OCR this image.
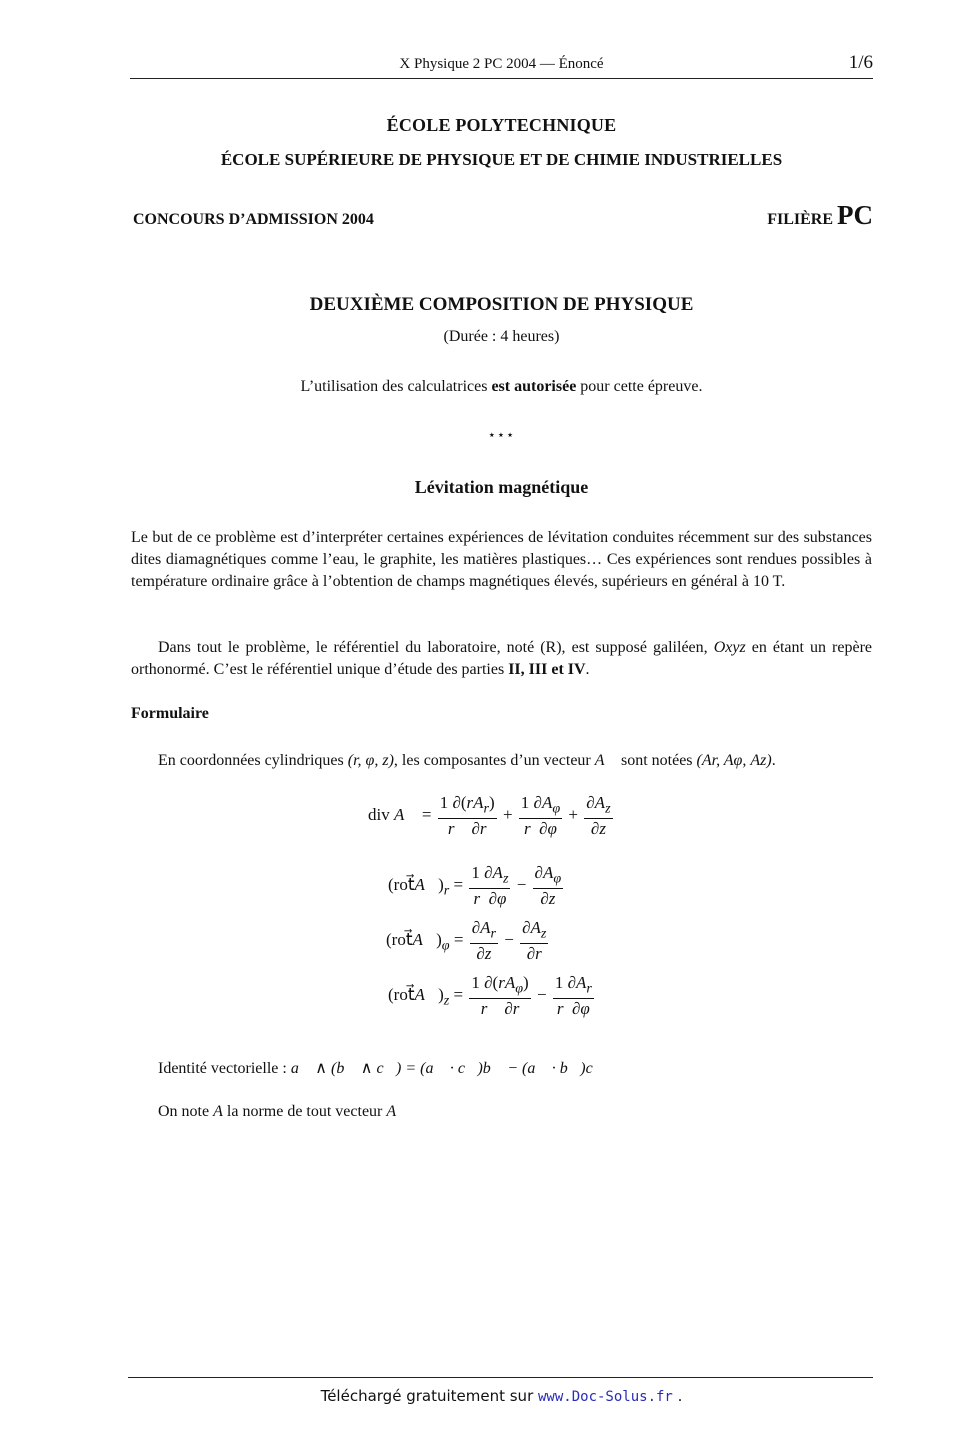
X Physique 2 PC 2004 — Énoncé	1/6
ÉCOLE POLYTECHNIQUE
ÉCOLE SUPÉRIEURE DE PHYSIQUE ET DE CHIMIE INDUSTRIELLES
CONCOURS D’ADMISSION 2004	FILIÈRE PC
DEUXIÈME COMPOSITION DE PHYSIQUE
(Durée : 4 heures)
L’utilisation des calculatrices est autorisée pour cette épreuve.
⋆⋆⋆
Lévitation magnétique
Le but de ce problème est d’interpréter certaines expériences de lévitation conduites récemment sur des substances dites diamagnétiques comme l’eau, le graphite, les matières plastiques… Ces expériences sont rendues possibles à température ordinaire grâce à l’obtention de champs magnétiques élevés, supérieurs en général à 10 T.
Dans tout le problème, le référentiel du laboratoire, noté (R), est supposé galiléen, Oxyz en étant un repère orthonormé. C’est le référentiel unique d’étude des parties II, III et IV.
Formulaire
En coordonnées cylindriques (r, φ, z), les composantes d’un vecteur A⃗ sont notées (Ar, Aφ, Az).
div A⃗ = $\frac{1 \partial(rA_r)}{r \partial r} + \frac{1 \partial A_\varphi}{r \partial\varphi} + \frac{\partial A_z}{\partial z}$
$(rot⃗A⃗)_r = \frac{1 \partial A_z}{r \partial\varphi} - \frac{\partial A_\varphi}{\partial z}$
$(rot⃗A⃗)_\varphi = \frac{\partial A_r}{\partial z} - \frac{\partial A_z}{\partial r}$
$(rot⃗A⃗)_z = \frac{1 \partial(rA_\varphi)}{r \partial r} - \frac{1 \partial A_r}{r \partial\varphi}$
Identité vectorielle : a⃗ ∧ (b⃗ ∧ c⃗) = (a⃗ · c⃗)b⃗ − (a⃗ · b⃗)c⃗
On note A la norme de tout vecteur A⃗
Téléchargé gratuitement sur www.Doc-Solus.fr .
